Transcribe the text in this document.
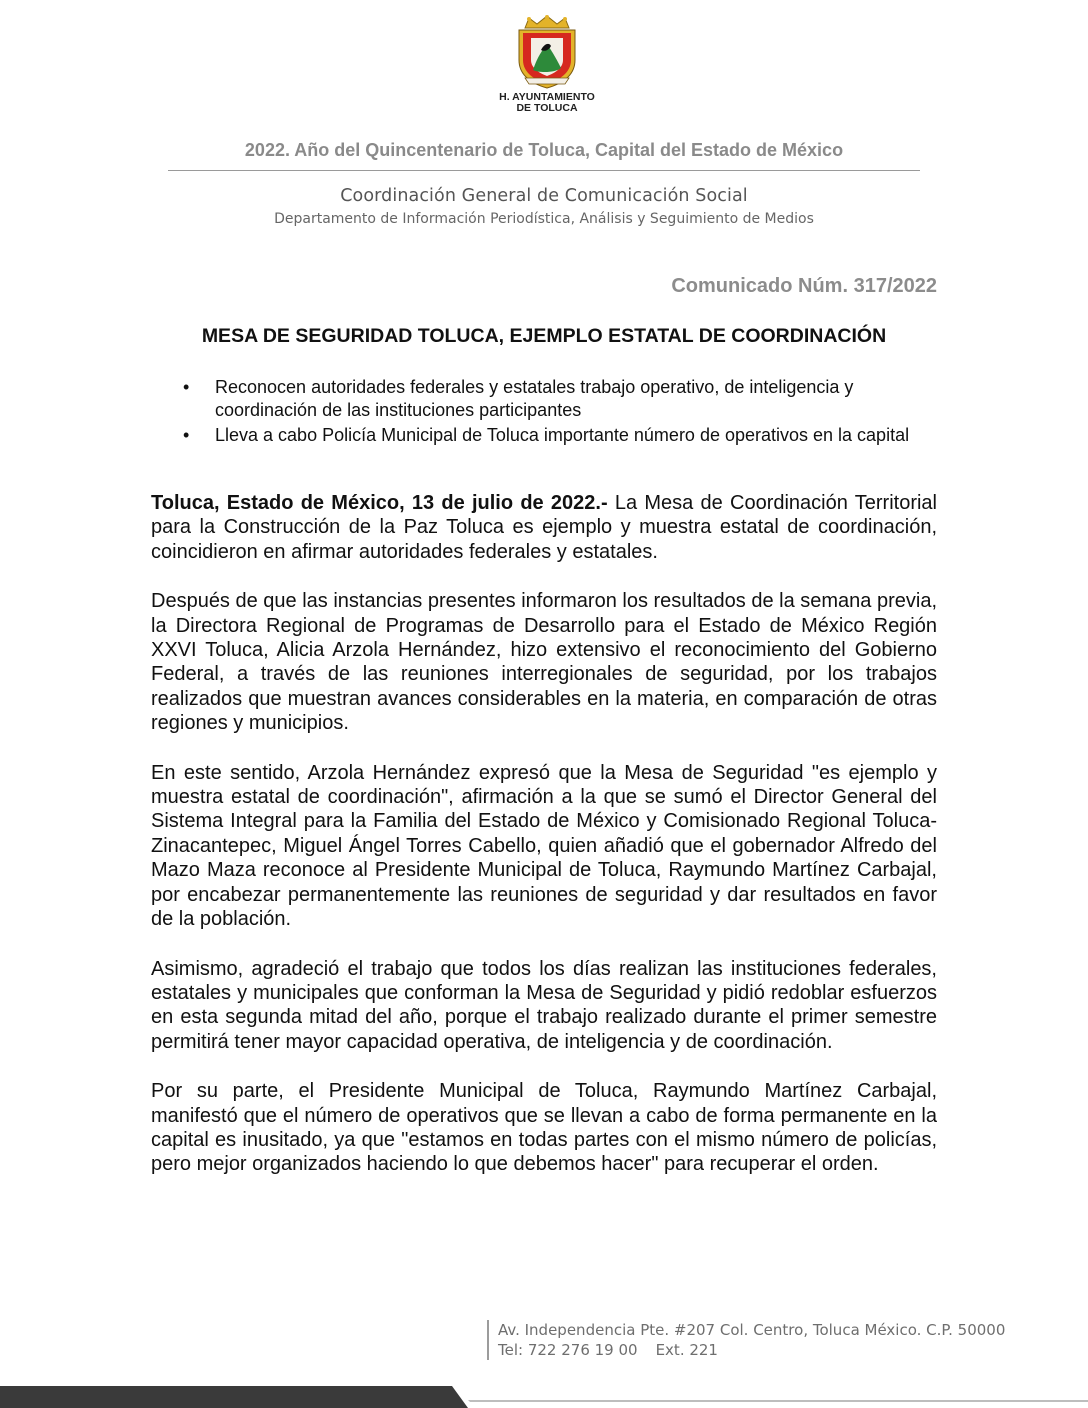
H. AYUNTAMIENTO
DE TOLUCA
2022. Año del Quincentenario de Toluca, Capital del Estado de México
Coordinación General de Comunicación Social
Departamento de Información Periodística, Análisis y Seguimiento de Medios
Comunicado Núm. 317/2022
MESA DE SEGURIDAD TOLUCA, EJEMPLO ESTATAL DE COORDINACIÓN
• Reconocen autoridades federales y estatales trabajo operativo, de inteligencia y coordinación de las instituciones participantes
• Lleva a cabo Policía Municipal de Toluca importante número de operativos en la capital

Toluca, Estado de México, 13 de julio de 2022.- La Mesa de Coordinación Territorial para la Construcción de la Paz Toluca es ejemplo y muestra estatal de coordinación, coincidieron en afirmar autoridades federales y estatales.

Después de que las instancias presentes informaron los resultados de la semana previa, la Directora Regional de Programas de Desarrollo para el Estado de México Región XXVI Toluca, Alicia Arzola Hernández, hizo extensivo el reconocimiento del Gobierno Federal, a través de las reuniones interregionales de seguridad, por los trabajos realizados que muestran avances considerables en la materia, en comparación de otras regiones y municipios.

En este sentido, Arzola Hernández expresó que la Mesa de Seguridad "es ejemplo y muestra estatal de coordinación", afirmación a la que se sumó el Director General del Sistema Integral para la Familia del Estado de México y Comisionado Regional Toluca-Zinacantepec, Miguel Ángel Torres Cabello, quien añadió que el gobernador Alfredo del Mazo Maza reconoce al Presidente Municipal de Toluca, Raymundo Martínez Carbajal, por encabezar permanentemente las reuniones de seguridad y dar resultados en favor de la población.

Asimismo, agradeció el trabajo que todos los días realizan las instituciones federales, estatales y municipales que conforman la Mesa de Seguridad y pidió redoblar esfuerzos en esta segunda mitad del año, porque el trabajo realizado durante el primer semestre permitirá tener mayor capacidad operativa, de inteligencia y de coordinación.

Por su parte, el Presidente Municipal de Toluca, Raymundo Martínez Carbajal, manifestó que el número de operativos que se llevan a cabo de forma permanente en la capital es inusitado, ya que "estamos en todas partes con el mismo número de policías, pero mejor organizados haciendo lo que debemos hacer" para recuperar el orden.

Av. Independencia Pte. #207 Col. Centro, Toluca México. C.P. 50000
Tel: 722 276 19 00 Ext. 221
